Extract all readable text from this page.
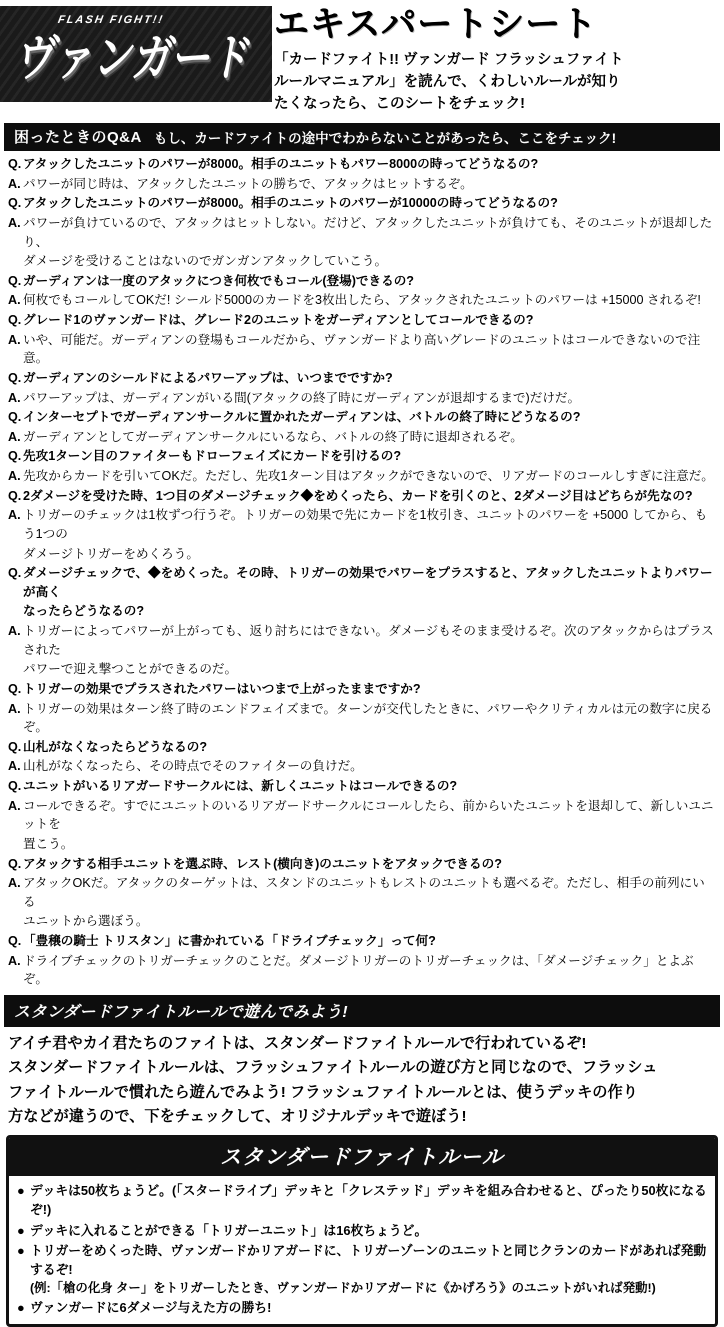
FLASH FIGHT!!
ヴァンガード
エキスパートシート
「カードファイト!! ヴァンガード フラッシュファイト
ルールマニュアル」を読んで、くわしいルールが知り
たくなったら、このシートをチェック!
困ったときのQ&A もし、カードファイトの途中でわからないことがあったら、ここをチェック!
Q. アタックしたユニットのパワーが8000。相手のユニットもパワー8000の時ってどうなるの?
A. パワーが同じ時は、アタックしたユニットの勝ちで、アタックはヒットするぞ。
Q. アタックしたユニットのパワーが8000。相手のユニットのパワーが10000の時ってどうなるの?
A. パワーが負けているので、アタックはヒットしない。だけど、アタックしたユニットが負けても、そのユニットが退却したり、
ダメージを受けることはないのでガンガンアタックしていこう。
Q. ガーディアンは一度のアタックにつき何枚でもコール(登場)できるの?
A. 何枚でもコールしてOKだ! シールド5000のカードを3枚出したら、アタックされたユニットのパワーは +15000 されるぞ!
Q. グレード1のヴァンガードは、グレード2のユニットをガーディアンとしてコールできるの?
A. いや、可能だ。ガーディアンの登場もコールだから、ヴァンガードより高いグレードのユニットはコールできないので注意。
Q. ガーディアンのシールドによるパワーアップは、いつまでですか?
A. パワーアップは、ガーディアンがいる間(アタックの終了時にガーディアンが退却するまで)だけだ。
Q. インターセプトでガーディアンサークルに置かれたガーディアンは、バトルの終了時にどうなるの?
A. ガーディアンとしてガーディアンサークルにいるなら、バトルの終了時に退却されるぞ。
Q. 先攻1ターン目のファイターもドローフェイズにカードを引けるの?
A. 先攻からカードを引いてOKだ。ただし、先攻1ターン目はアタックができないので、リアガードのコールしすぎに注意だ。
Q. 2ダメージを受けた時、1つ目のダメージチェック◆をめくったら、カードを引くのと、2ダメージ目はどちらが先なの?
A. トリガーのチェックは1枚ずつ行うぞ。トリガーの効果で先にカードを1枚引き、ユニットのパワーを +5000 してから、もう1つの
ダメージトリガーをめくろう。
Q. ダメージチェックで、◆をめくった。その時、トリガーの効果でパワーをプラスすると、アタックしたユニットよりパワーが高く
なったらどうなるの?
A. トリガーによってパワーが上がっても、返り討ちにはできない。ダメージもそのまま受けるぞ。次のアタックからはプラスされた
パワーで迎え撃つことができるのだ。
Q. トリガーの効果でプラスされたパワーはいつまで上がったままですか?
A. トリガーの効果はターン終了時のエンドフェイズまで。ターンが交代したときに、パワーやクリティカルは元の数字に戻るぞ。
Q. 山札がなくなったらどうなるの?
A. 山札がなくなったら、その時点でそのファイターの負けだ。
Q. ユニットがいるリアガードサークルには、新しくユニットはコールできるの?
A. コールできるぞ。すでにユニットのいるリアガードサークルにコールしたら、前からいたユニットを退却して、新しいユニットを
置こう。
Q. アタックする相手ユニットを選ぶ時、レスト(横向き)のユニットをアタックできるの?
A. アタックOKだ。アタックのターゲットは、スタンドのユニットもレストのユニットも選べるぞ。ただし、相手の前列にいる
ユニットから選ぼう。
Q. 「豊穣の騎士 トリスタン」に書かれている「ドライブチェック」って何?
A. ドライブチェックのトリガーチェックのことだ。ダメージトリガーのトリガーチェックは、「ダメージチェック」とよぶぞ。
スタンダードファイトルールで遊んでみよう!
アイチ君やカイ君たちのファイトは、スタンダードファイトルールで行われているぞ!
スタンダードファイトルールは、フラッシュファイトルールの遊び方と同じなので、フラッシュ
ファイトルールで慣れたら遊んでみよう! フラッシュファイトルールとは、使うデッキの作り
方などが違うので、下をチェックして、オリジナルデッキで遊ぼう!
スタンダードファイトルール
● デッキは50枚ちょうど。(「スタードライブ」デッキと「クレステッド」デッキを組み合わせると、ぴったり50枚になるぞ!)
● デッキに入れることができる「トリガーユニット」は16枚ちょうど。
● トリガーをめくった時、ヴァンガードかリアガードに、トリガーゾーンのユニットと同じクランのカードがあれば発動するぞ!
(例:「槍の化身 ター」をトリガーしたとき、ヴァンガードかリアガードに《かげろう》のユニットがいれば発動!)
● ヴァンガードに6ダメージ与えた方の勝ち!
